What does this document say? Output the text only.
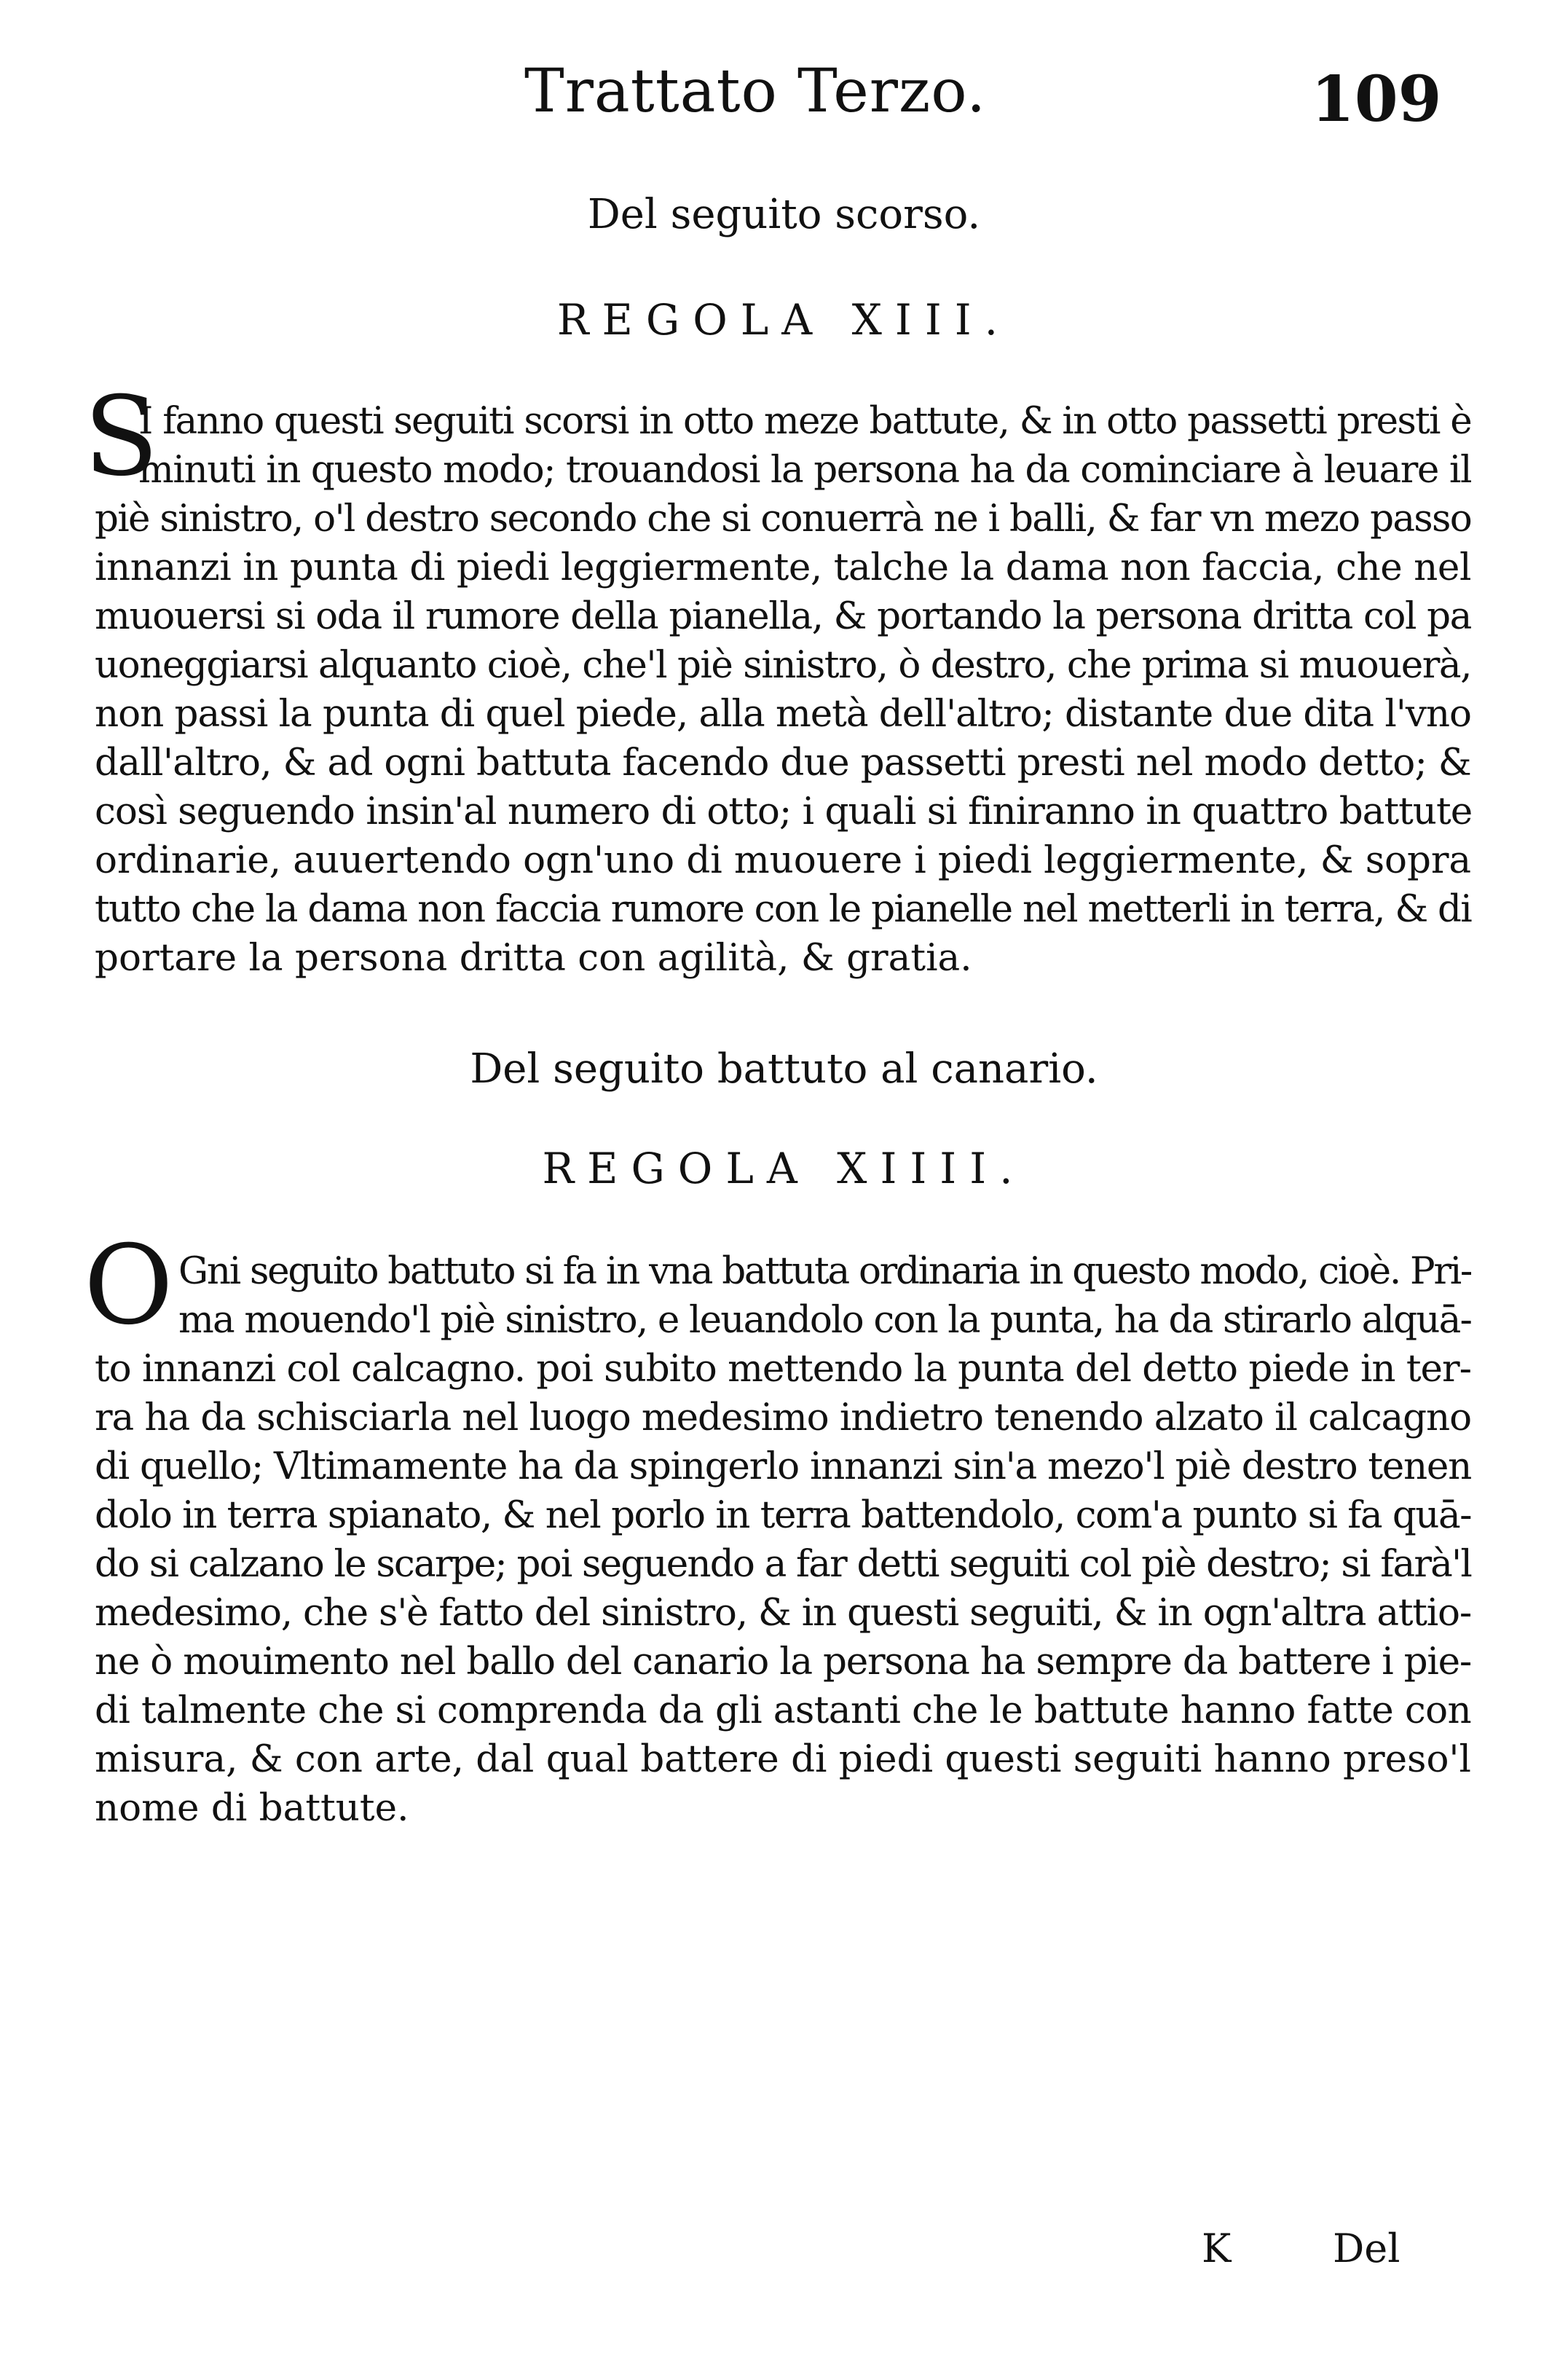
Trattato Terzo.	109
Del seguito scorso.
REGOLA XIII.
S
I fanno questi seguiti scorsi in otto meze battute, & in otto passetti presti è
minuti in questo modo; trouandosi la persona ha da cominciare à leuare il
piè sinistro, o'l destro secondo che si conuerrà ne i balli, & far vn mezo passo
innanzi in punta di piedi leggiermente, talche la dama non faccia, che nel
muouersi si oda il rumore della pianella, & portando la persona dritta col pa
uoneggiarsi alquanto cioè, che'l piè sinistro, ò destro, che prima si muouerà,
non passi la punta di quel piede, alla metà dell'altro; distante due dita l'vno
dall'altro, & ad ogni battuta facendo due passetti presti nel modo detto; &
così seguendo insin'al numero di otto; i quali si finiranno in quattro battute
ordinarie, auuertendo ogn'uno di muouere i piedi leggiermente, & sopra
tutto che la dama non faccia rumore con le pianelle nel metterli in terra, & di
portare la persona dritta con agilità, & gratia.
Del seguito battuto al canario.
REGOLA XIIII.
O Gni seguito battuto si fa in vna battuta ordinaria in questo modo, cioè. Pri-
ma mouendo'l piè sinistro, e leuandolo con la punta, ha da stirarlo alquā-
to innanzi col calcagno. poi subito mettendo la punta del detto piede in ter-
ra ha da schisciarla nel luogo medesimo indietro tenendo alzato il calcagno
di quello; Vltimamente ha da spingerlo innanzi sin'a mezo'l piè destro tenen
dolo in terra spianato, & nel porlo in terra battendolo, com'a punto si fa quā-
do si calzano le scarpe; poi seguendo a far detti seguiti col piè destro; si farà'l
medesimo, che s'è fatto del sinistro, & in questi seguiti, & in ogn'altra attio-
ne ò mouimento nel ballo del canario la persona ha sempre da battere i pie-
di talmente che si comprenda da gli astanti che le battute hanno fatte con
misura, & con arte, dal qual battere di piedi questi seguiti hanno preso'l
nome di battute.
K	Del
